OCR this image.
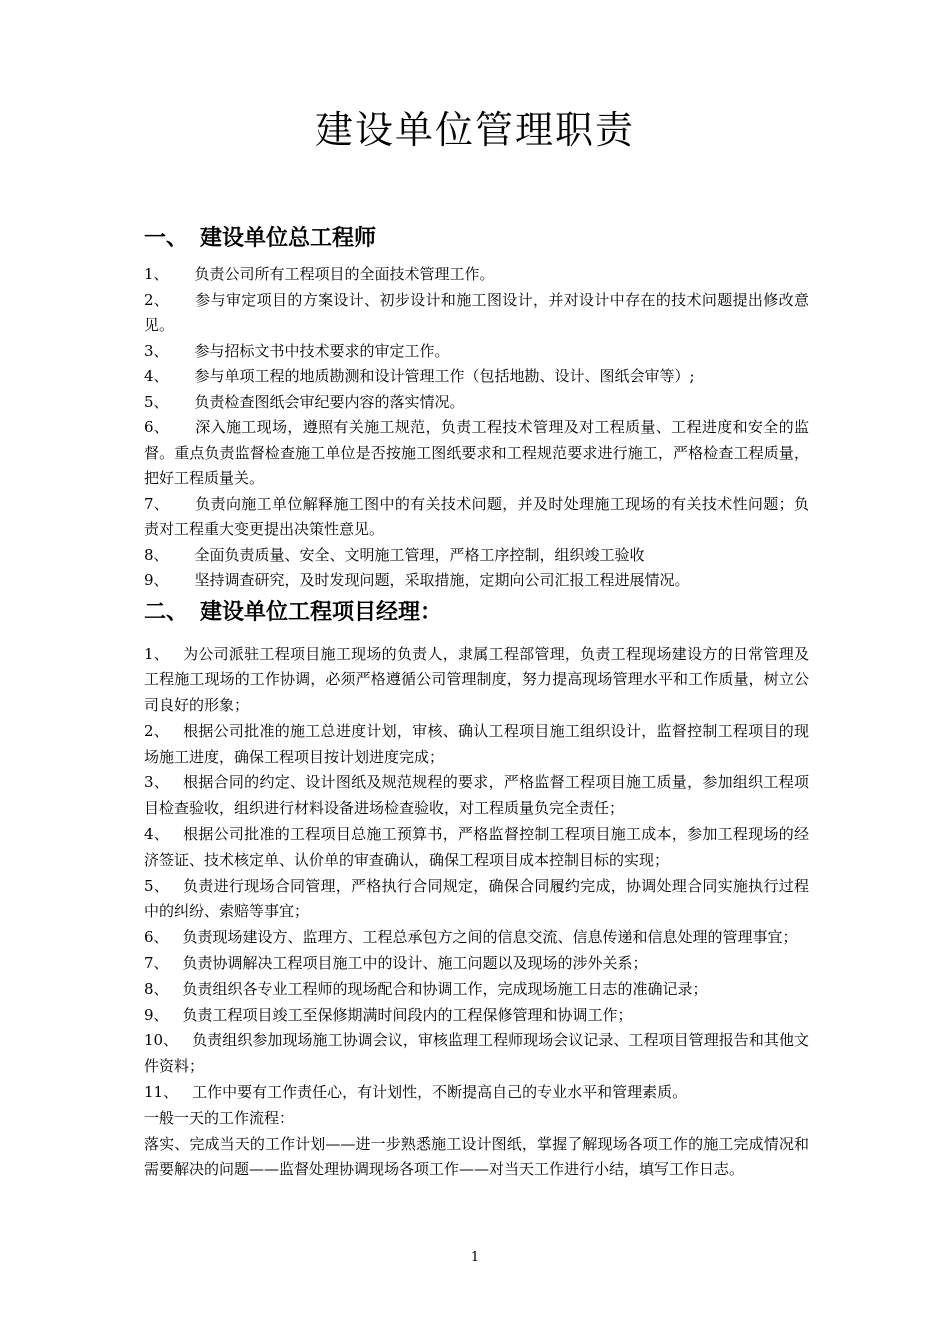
建设单位管理职责
一、 建设单位总工程师
1、 负责公司所有工程项目的全面技术管理工作。
2、 参与审定项目的方案设计、初步设计和施工图设计，并对设计中存在的技术问题提出修改意见。
3、 参与招标文书中技术要求的审定工作。
4、 参与单项工程的地质勘测和设计管理工作（包括地勘、设计、图纸会审等）;
5、 负责检查图纸会审纪要内容的落实情况。
6、 深入施工现场，遵照有关施工规范，负责工程技术管理及对工程质量、工程进度和安全的监督。重点负责监督检查施工单位是否按施工图纸要求和工程规范要求进行施工，严格检查工程质量，把好工程质量关。
7、 负责向施工单位解释施工图中的有关技术问题，并及时处理施工现场的有关技术性问题；负责对工程重大变更提出决策性意见。
8、 全面负责质量、安全、文明施工管理，严格工序控制，组织竣工验收
9、 坚持调查研究，及时发现问题，采取措施，定期向公司汇报工程进展情况。
二、 建设单位工程项目经理：
1、 为公司派驻工程项目施工现场的负责人，隶属工程部管理，负责工程现场建设方的日常管理及工程施工现场的工作协调，必须严格遵循公司管理制度，努力提高现场管理水平和工作质量，树立公司良好的形象；
2、 根据公司批准的施工总进度计划，审核、确认工程项目施工组织设计，监督控制工程项目的现场施工进度，确保工程项目按计划进度完成；
3、 根据合同的约定、设计图纸及规范规程的要求，严格监督工程项目施工质量，参加组织工程项目检查验收，组织进行材料设备进场检查验收，对工程质量负完全责任；
4、 根据公司批准的工程项目总施工预算书，严格监督控制工程项目施工成本，参加工程现场的经济签证、技术核定单、认价单的审查确认，确保工程项目成本控制目标的实现；
5、 负责进行现场合同管理，严格执行合同规定，确保合同履约完成，协调处理合同实施执行过程中的纠纷、索赔等事宜；
6、 负责现场建设方、监理方、工程总承包方之间的信息交流、信息传递和信息处理的管理事宜；
7、 负责协调解决工程项目施工中的设计、施工问题以及现场的涉外关系；
8、 负责组织各专业工程师的现场配合和协调工作，完成现场施工日志的准确记录；
9、 负责工程项目竣工至保修期满时间段内的工程保修管理和协调工作；
10、 负责组织参加现场施工协调会议，审核监理工程师现场会议记录、工程项目管理报告和其他文件资料；
11、 工作中要有工作责任心，有计划性，不断提高自己的专业水平和管理素质。
一般一天的工作流程：
落实、完成当天的工作计划——进一步熟悉施工设计图纸，掌握了解现场各项工作的施工完成情况和需要解决的问题——监督处理协调现场各项工作——对当天工作进行小结，填写工作日志。
1
